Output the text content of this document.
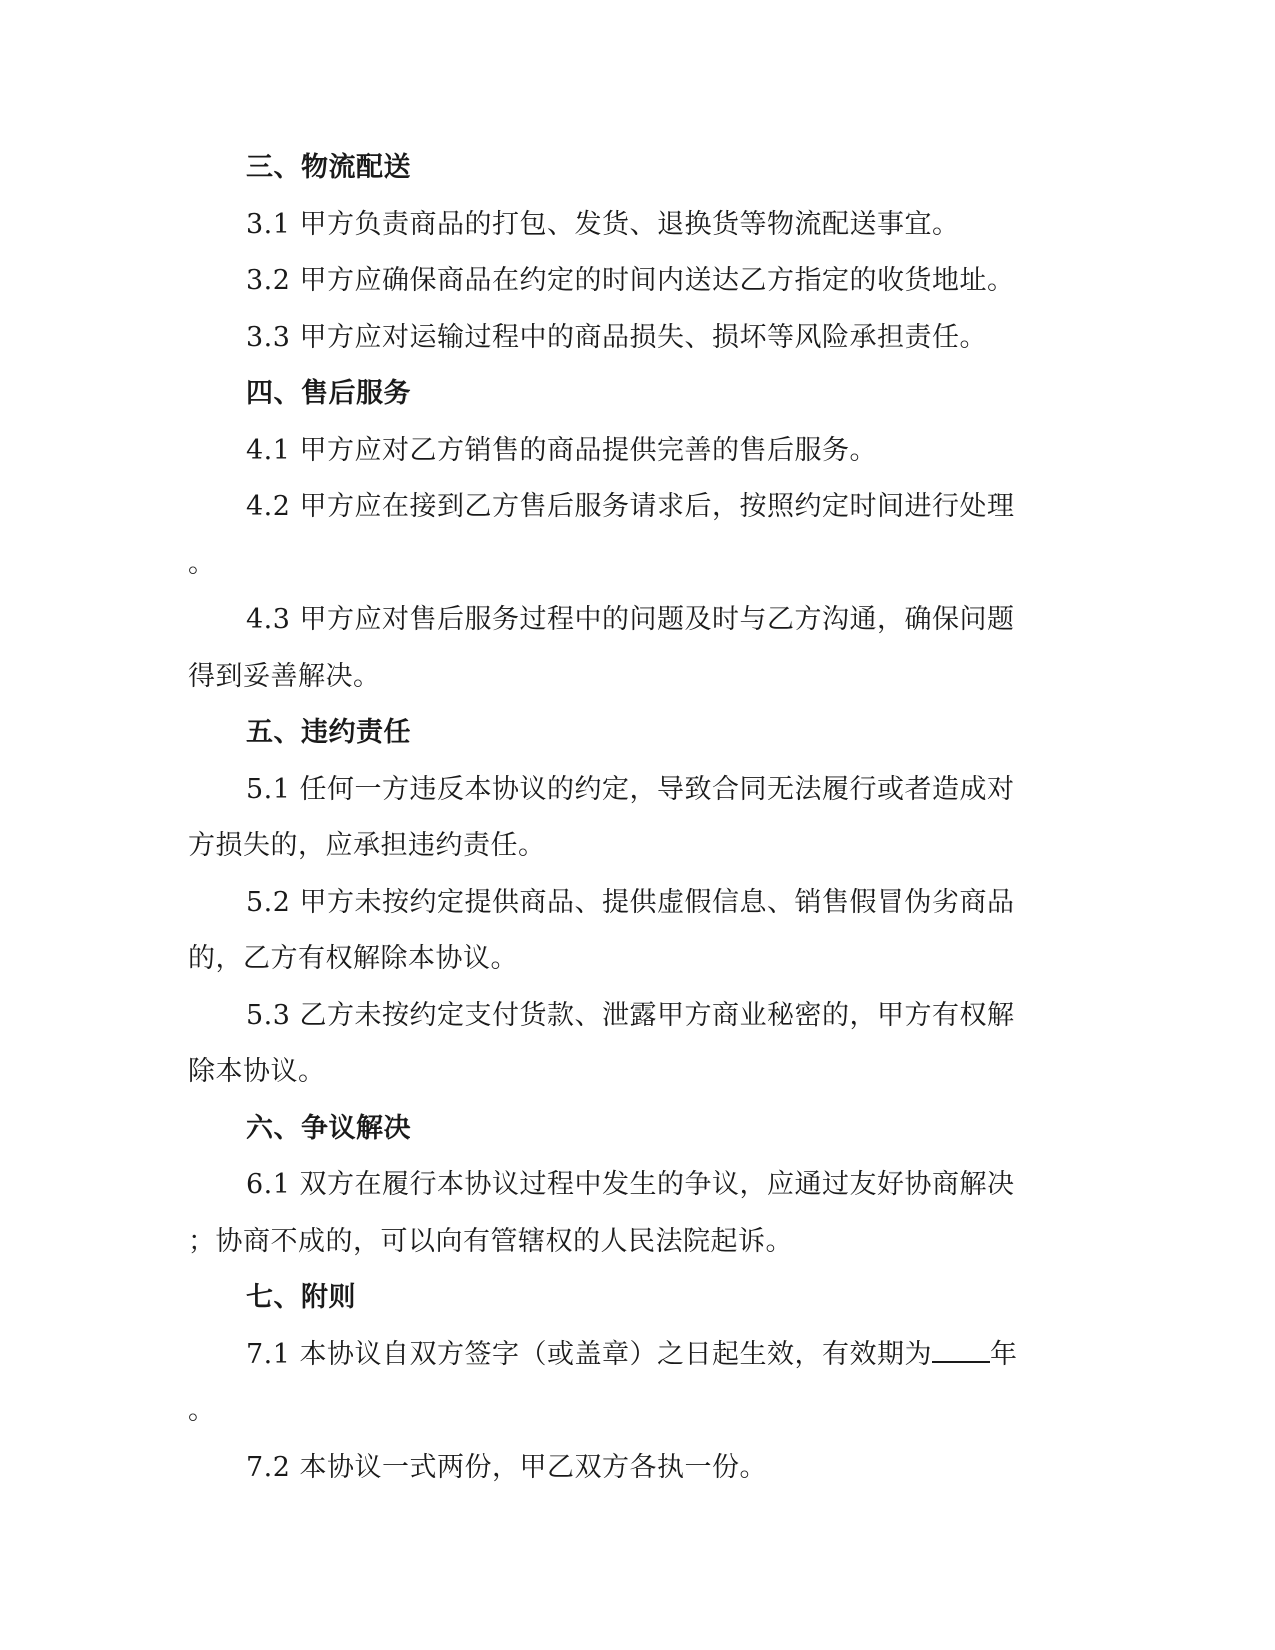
三、物流配送
3.1 甲方负责商品的打包、发货、退换货等物流配送事宜。
3.2 甲方应确保商品在约定的时间内送达乙方指定的收货地址。
3.3 甲方应对运输过程中的商品损失、损坏等风险承担责任。
四、售后服务
4.1 甲方应对乙方销售的商品提供完善的售后服务。
4.2 甲方应在接到乙方售后服务请求后，按照约定时间进行处理
。
4.3 甲方应对售后服务过程中的问题及时与乙方沟通，确保问题
得到妥善解决。
五、违约责任
5.1 任何一方违反本协议的约定，导致合同无法履行或者造成对
方损失的，应承担违约责任。
5.2 甲方未按约定提供商品、提供虚假信息、销售假冒伪劣商品
的，乙方有权解除本协议。
5.3 乙方未按约定支付货款、泄露甲方商业秘密的，甲方有权解
除本协议。
六、争议解决
6.1 双方在履行本协议过程中发生的争议，应通过友好协商解决
；协商不成的，可以向有管辖权的人民法院起诉。
七、附则
7.1 本协议自双方签字（或盖章）之日起生效，有效期为 年
。
7.2 本协议一式两份，甲乙双方各执一份。
